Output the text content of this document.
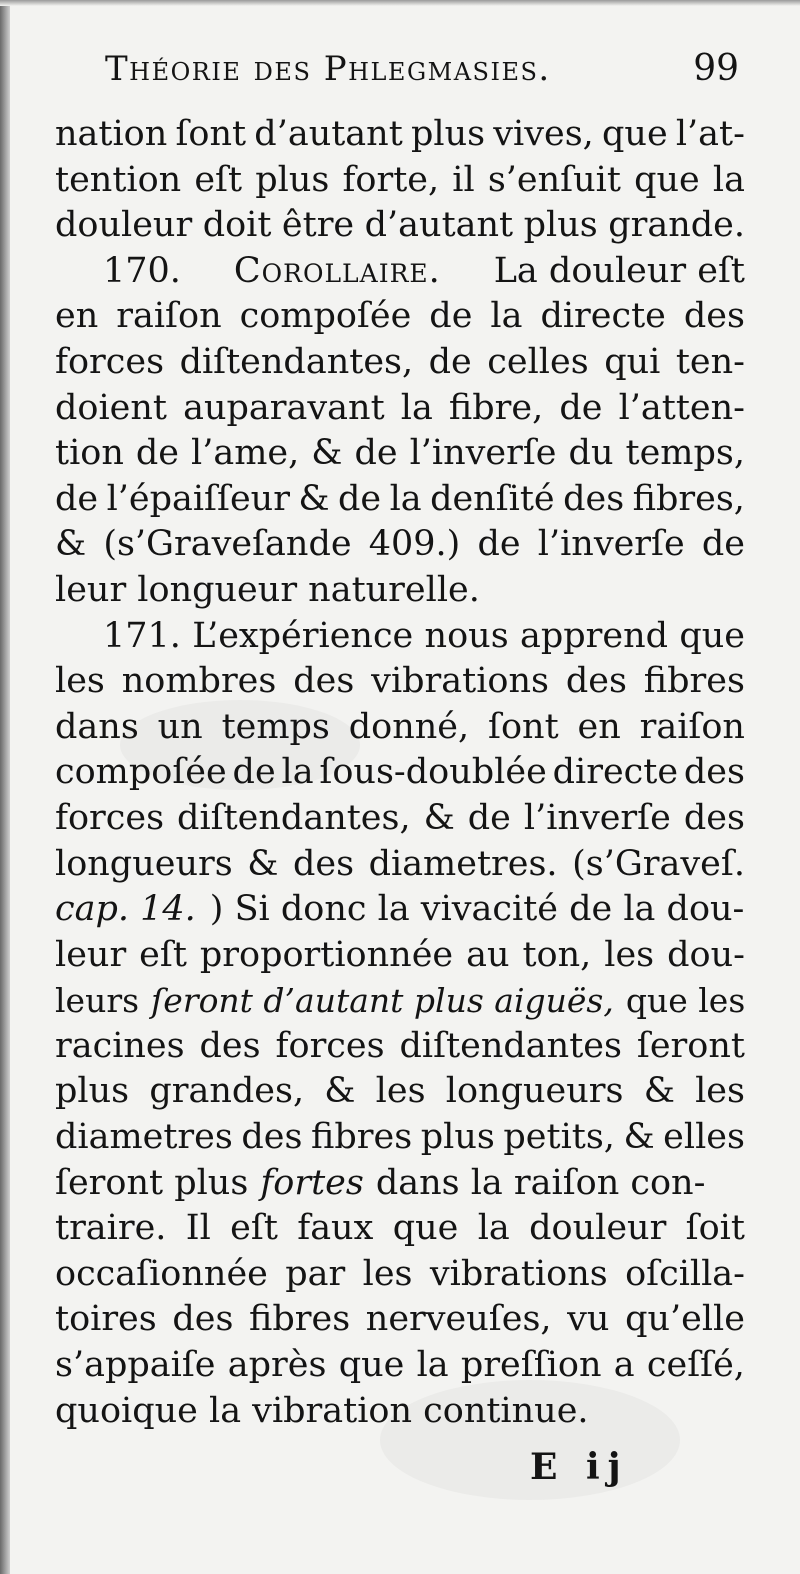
Théorie des Phlegmasies.	99
nation ſont d’autant plus vives, que l’at-
tention eſt plus forte, il s’enſuit que la
douleur doit être d’autant plus grande.
170. Corollaire. La douleur eſt
en raiſon compoſée de la directe des
forces diſtendantes, de celles qui ten-
doient auparavant la fibre, de l’atten-
tion de l’ame, & de l’inverſe du temps,
de l’épaiſſeur & de la denſité des fibres,
& (s’Graveſande 409.) de l’inverſe de
leur longueur naturelle.
171. L’expérience nous apprend que
les nombres des vibrations des fibres
dans un temps donné, ſont en raiſon
compoſée de la ſous-doublée directe des
forces diſtendantes, & de l’inverſe des
longueurs & des diametres. (s’Graveſ.
cap. 14. ) Si donc la vivacité de la dou-
leur eſt proportionnée au ton, les dou-
leurs ſeront d’autant plus aiguës, que les
racines des forces diſtendantes ſeront
plus grandes, & les longueurs & les
diametres des fibres plus petits, & elles
ſeront plus fortes dans la raiſon con-
traire. Il eſt faux que la douleur ſoit
occaſionnée par les vibrations oſcilla-
toires des fibres nerveuſes, vu qu’elle
s’appaiſe après que la preſſion a ceſſé,
quoique la vibration continue.
E ij
